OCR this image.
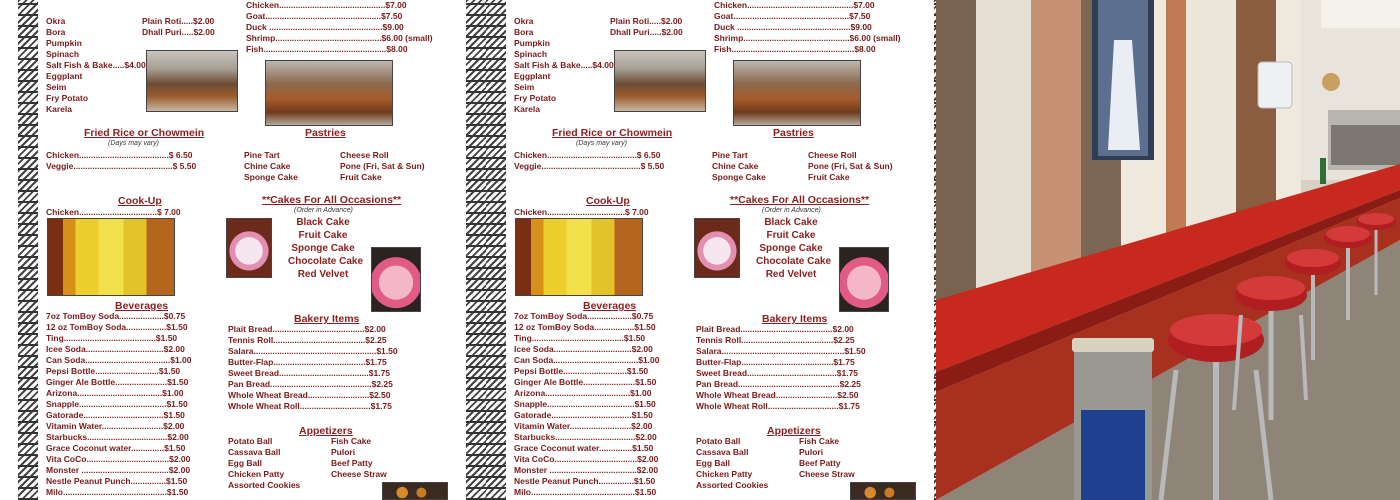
Okra
Bora
Pumpkin
Spinach
Salt Fish & Bake.....$4.00
Eggplant
Seim
Fry Potato
Karela
Plain Roti.....$2.00
Dhall Puri.....$2.00
Chicken.............................................$7.00
Goat.................................................$7.50
Duck ................................................$9.00
Shrimp.............................................$6.00 (small)
Fish....................................................$8.00
Fried Rice or Chowmein
(Days may vary)
Chicken......................................$ 6.50
Veggie..........................................$ 5.50
Pastries
Pine Tart
Chine Cake
Sponge Cake
Cheese Roll
Pone (Fri, Sat & Sun)
Fruit Cake
Cook-Up
Chicken.................................$ 7.00
**Cakes For All Occasions**
(Order in Advance)
Black Cake
Fruit Cake
Sponge Cake
Chocolate Cake
Red Velvet
Beverages
7oz TomBoy Soda...................$0.75
12 oz TomBoy Soda.................$1.50
Ting.......................................$1.50
Icee Soda.................................$2.00
Can Soda....................................$1.00
Pepsi Bottle...........................$1.50
Ginger Ale Bottle......................$1.50
Arizona....................................$1.00
Snapple.....................................$1.50
Gatorade..................................$1.50
Vitamin Water..........................$2.00
Starbucks..................................$2.00
Grace Coconut water..............$1.50
Vita CoCo...................................$2.00
Monster .....................................$2.00
Nestle Peanut Punch...............$1.50
Milo............................................$1.50
Bakery Items
Plait Bread.......................................$2.00
Tennis Roll.......................................$2.25
Salara....................................................$1.50
Butter-Flap.......................................$1.75
Sweet Bread......................................$1.75
Pan Bread...........................................$2.25
Whole Wheat Bread..........................$2.50
Whole Wheat Roll..............................$1.75
Appetizers
Potato Ball
Cassava Ball
Egg Ball
Chicken Patty
Assorted Cookies
Fish Cake
Pulori
Beef Patty
Cheese Straw
Okra
Bora
Pumpkin
Spinach
Salt Fish & Bake.....$4.00
Eggplant
Seim
Fry Potato
Karela
Plain Roti.....$2.00
Dhall Puri.....$2.00
Chicken.............................................$7.00
Goat.................................................$7.50
Duck ................................................$9.00
Shrimp.............................................$6.00 (small)
Fish....................................................$8.00
Fried Rice or Chowmein
(Days may vary)
Chicken......................................$ 6.50
Veggie..........................................$ 5.50
Pastries
Pine Tart
Chine Cake
Sponge Cake
Cheese Roll
Pone (Fri, Sat & Sun)
Fruit Cake
Cook-Up
Chicken.................................$ 7.00
**Cakes For All Occasions**
(Order in Advance)
Black Cake
Fruit Cake
Sponge Cake
Chocolate Cake
Red Velvet
Beverages
7oz TomBoy Soda...................$0.75
12 oz TomBoy Soda.................$1.50
Ting.......................................$1.50
Icee Soda.................................$2.00
Can Soda....................................$1.00
Pepsi Bottle...........................$1.50
Ginger Ale Bottle......................$1.50
Arizona....................................$1.00
Snapple.....................................$1.50
Gatorade..................................$1.50
Vitamin Water..........................$2.00
Starbucks..................................$2.00
Grace Coconut water..............$1.50
Vita CoCo...................................$2.00
Monster .....................................$2.00
Nestle Peanut Punch...............$1.50
Milo............................................$1.50
Bakery Items
Plait Bread.......................................$2.00
Tennis Roll.......................................$2.25
Salara....................................................$1.50
Butter-Flap.......................................$1.75
Sweet Bread......................................$1.75
Pan Bread...........................................$2.25
Whole Wheat Bread..........................$2.50
Whole Wheat Roll..............................$1.75
Appetizers
Potato Ball
Cassava Ball
Egg Ball
Chicken Patty
Assorted Cookies
Fish Cake
Pulori
Beef Patty
Cheese Straw
